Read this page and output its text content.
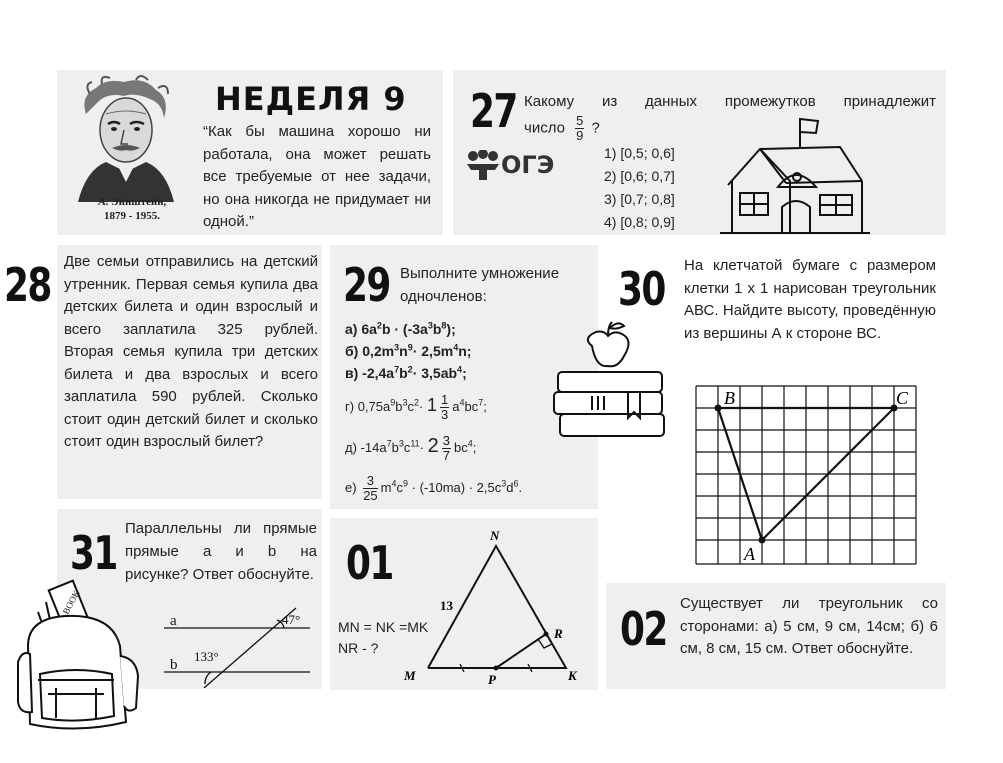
А. Эйнштейн,
1879 - 1955.
НЕДЕЛЯ 9
“Как бы машина хорошо ни работала, она может решать все требуемые от нее задачи, но она никогда не придумает ни одной.”
27 Какому из данных промежутков принадлежит
число $\frac{5}{9}$ ?
ОГЭ	1) [0,5; 0,6]
2) [0,6; 0,7]
3) [0,7; 0,8]
4) [0,8; 0,9]
28 Две семьи отправились на детский утренник. Первая семья купила два детских билета и один взрослый и всего заплатила 325 рублей. Вторая семья купила три детских билета и два взрослых и всего заплатила 590 рублей. Сколько стоит один детский билет и сколько стоит один взрослый билет?
29 Выполните умножение одночленов:
а) $6a^2b \cdot (-3a^3b^8)$;
б) $0,2m^3n^9\cdot 2,5m^4n$;
в) $-2,4a^7b^2\cdot 3,5ab^4$;
г) $0,75a^9b^3c^2\cdot 1 \frac{1}{3} a^4bc^7$;
д) $-14a^7b^3c^{11}\cdot 2 \frac{3}{7} bc^4$;
$е) \frac{3}{25} m^4c^9 \cdot (-10ma) \cdot 2,5c^3d^6$.
30 На клетчатой бумаге с размером клетки 1 x 1 нарисован треугольник АВС. Найдите высоту, проведённую из вершины А к стороне ВС.
B	C
A
31 Параллельны ли прямые
прямые a и b на
рисунке? Ответ обоснуйте.
a
b
47°
133°
BOOK
01
MN = NK =MK
NR - ?
N
M	K
R
P
13	02 Существует ли треугольник со сторонами: а) 5 см, 9 см, 14см; б) 6 см, 8 см, 15 см. Ответ обоснуйте.
